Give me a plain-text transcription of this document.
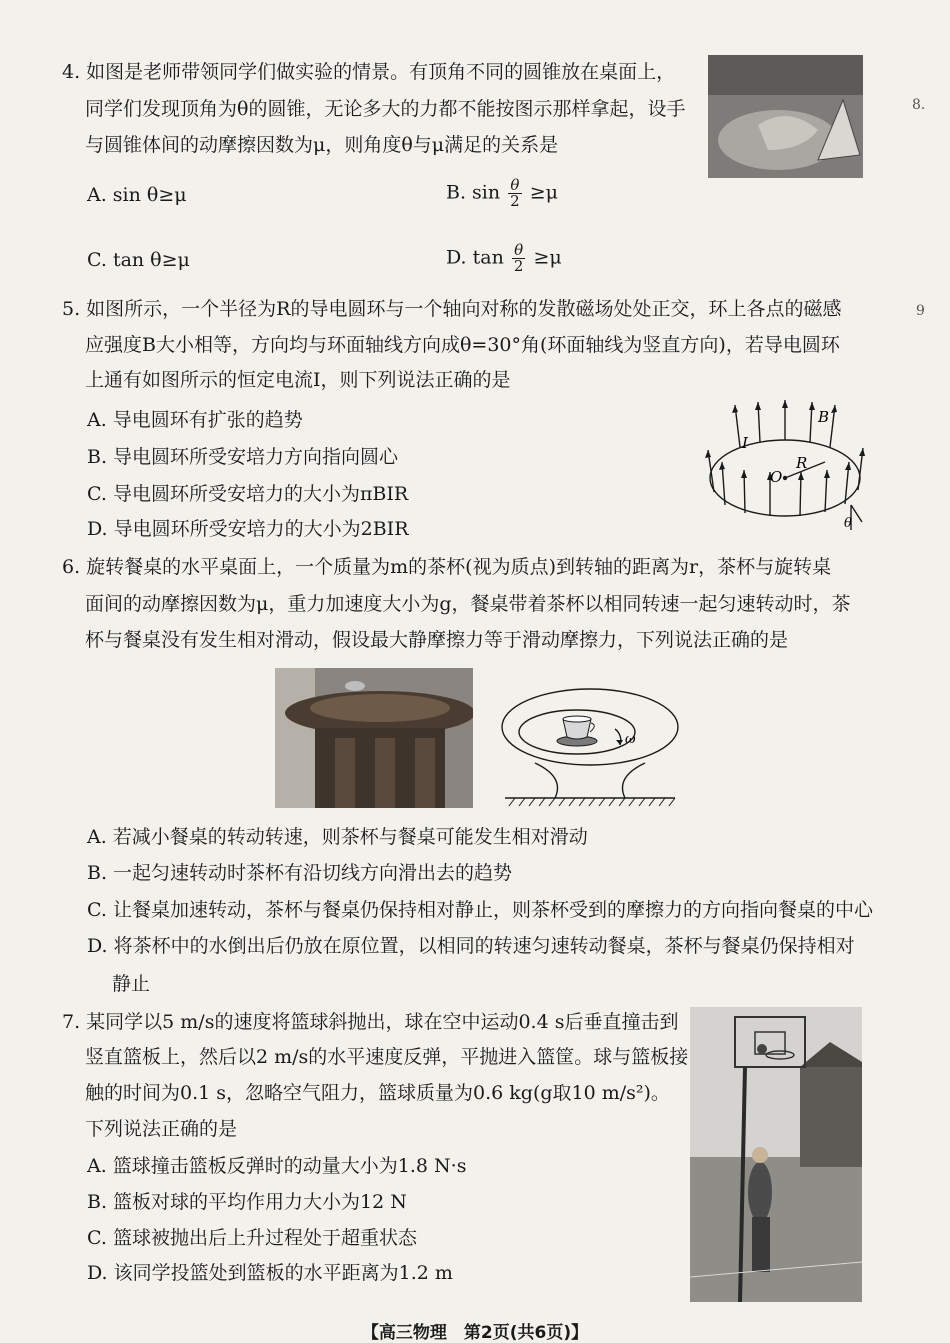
4. 如图是老师带领同学们做实验的情景。有顶角不同的圆锥放在桌面上，
同学们发现顶角为θ的圆锥，无论多大的力都不能按图示那样拿起，设手
与圆锥体间的动摩擦因数为μ，则角度θ与μ满足的关系是
A. sin θ≥μ	B. $\sin \frac{\theta}{2} \ge\mu$
C. tan θ≥μ	D. $\tan \frac{\theta}{2} \ge\mu$
5. 如图所示，一个半径为R的导电圆环与一个轴向对称的发散磁场处处正交，环上各点的磁感
应强度B大小相等，方向均与环面轴线方向成θ=30°角(环面轴线为竖直方向)，若导电圆环
上通有如图所示的恒定电流I，则下列说法正确的是
A. 导电圆环有扩张的趋势
B. 导电圆环所受安培力方向指向圆心
C. 导电圆环所受安培力的大小为πBIR
D. 导电圆环所受安培力的大小为2BIR
I
B
O
R
θ
6. 旋转餐桌的水平桌面上，一个质量为m的茶杯(视为质点)到转轴的距离为r，茶杯与旋转桌
面间的动摩擦因数为μ，重力加速度大小为g，餐桌带着茶杯以相同转速一起匀速转动时，茶
杯与餐桌没有发生相对滑动，假设最大静摩擦力等于滑动摩擦力，下列说法正确的是
ω
A. 若减小餐桌的转动转速，则茶杯与餐桌可能发生相对滑动
B. 一起匀速转动时茶杯有沿切线方向滑出去的趋势
C. 让餐桌加速转动，茶杯与餐桌仍保持相对静止，则茶杯受到的摩擦力的方向指向餐桌的中心
D. 将茶杯中的水倒出后仍放在原位置，以相同的转速匀速转动餐桌，茶杯与餐桌仍保持相对
静止
7. 某同学以5 m/s的速度将篮球斜抛出，球在空中运动0.4 s后垂直撞击到
竖直篮板上，然后以2 m/s的水平速度反弹，平抛进入篮筐。球与篮板接
触的时间为0.1 s，忽略空气阻力，篮球质量为0.6 kg(g取10 m/s²)。
下列说法正确的是
A. 篮球撞击篮板反弹时的动量大小为1.8 N·s
B. 篮板对球的平均作用力大小为12 N
C. 篮球被抛出后上升过程处于超重状态
D. 该同学投篮处到篮板的水平距离为1.2 m
8.
9
【高三物理　第2页(共6页)】
